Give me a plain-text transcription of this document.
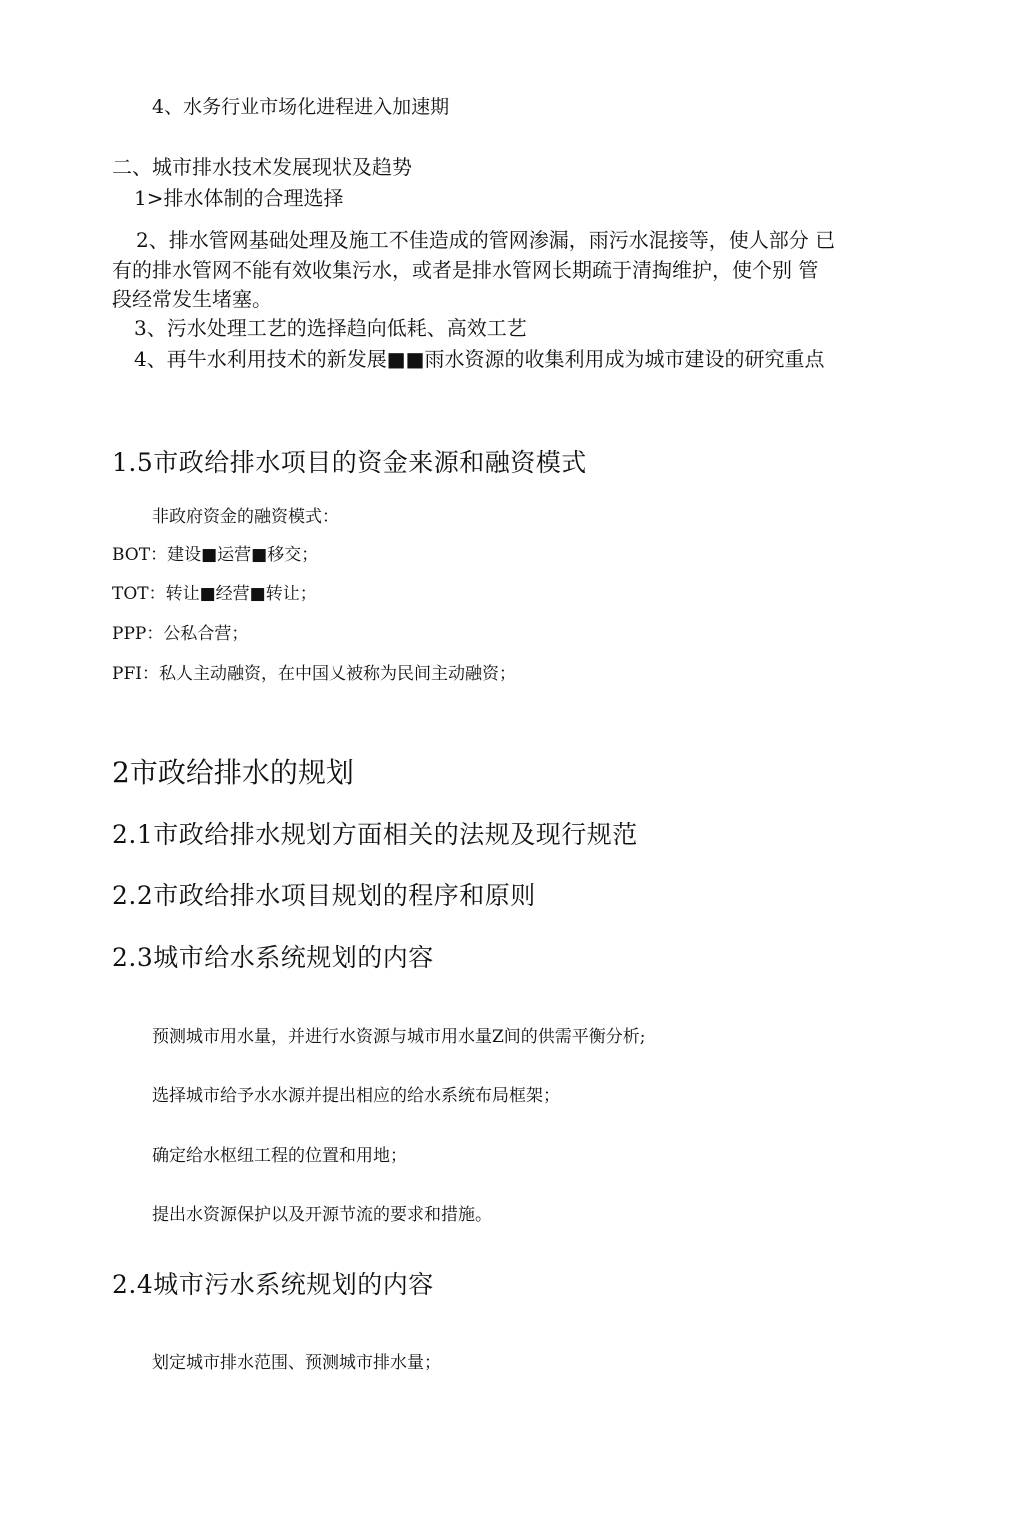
4、水务行业市场化进程进入加速期
二、城市排水技术发展现状及趋势
1>排水体制的合理选择
2、排水管网基础处理及施工不佳造成的管网渗漏，雨污水混接等，使人部分 已
有的排水管网不能有效收集污水，或者是排水管网长期疏于清掏维护，使个别 管
段经常发生堵塞。
3、污水处理工艺的选择趋向低耗、高效工艺
4、再牛水利用技术的新发展■■雨水资源的收集利用成为城市建设的研究重点
1.5市政给排水项目的资金来源和融资模式
非政府资金的融资模式：
BOT：建设■运营■移交；
TOT：转让■经营■转让；
PPP：公私合营；
PFI：私人主动融资，在中国乂被称为民间主动融资；
2市政给排水的规划
2.1市政给排水规划方面相关的法规及现行规范
2.2市政给排水项目规划的程序和原则
2.3城市给水系统规划的内容
预测城市用水量，并进行水资源与城市用水量Z间的供需平衡分析;
选择城市给予水水源并提出相应的给水系统布局框架；
确定给水枢纽工程的位置和用地；
提出水资源保护以及开源节流的要求和措施。
2.4城市污水系统规划的内容
划定城市排水范围、预测城市排水量；
